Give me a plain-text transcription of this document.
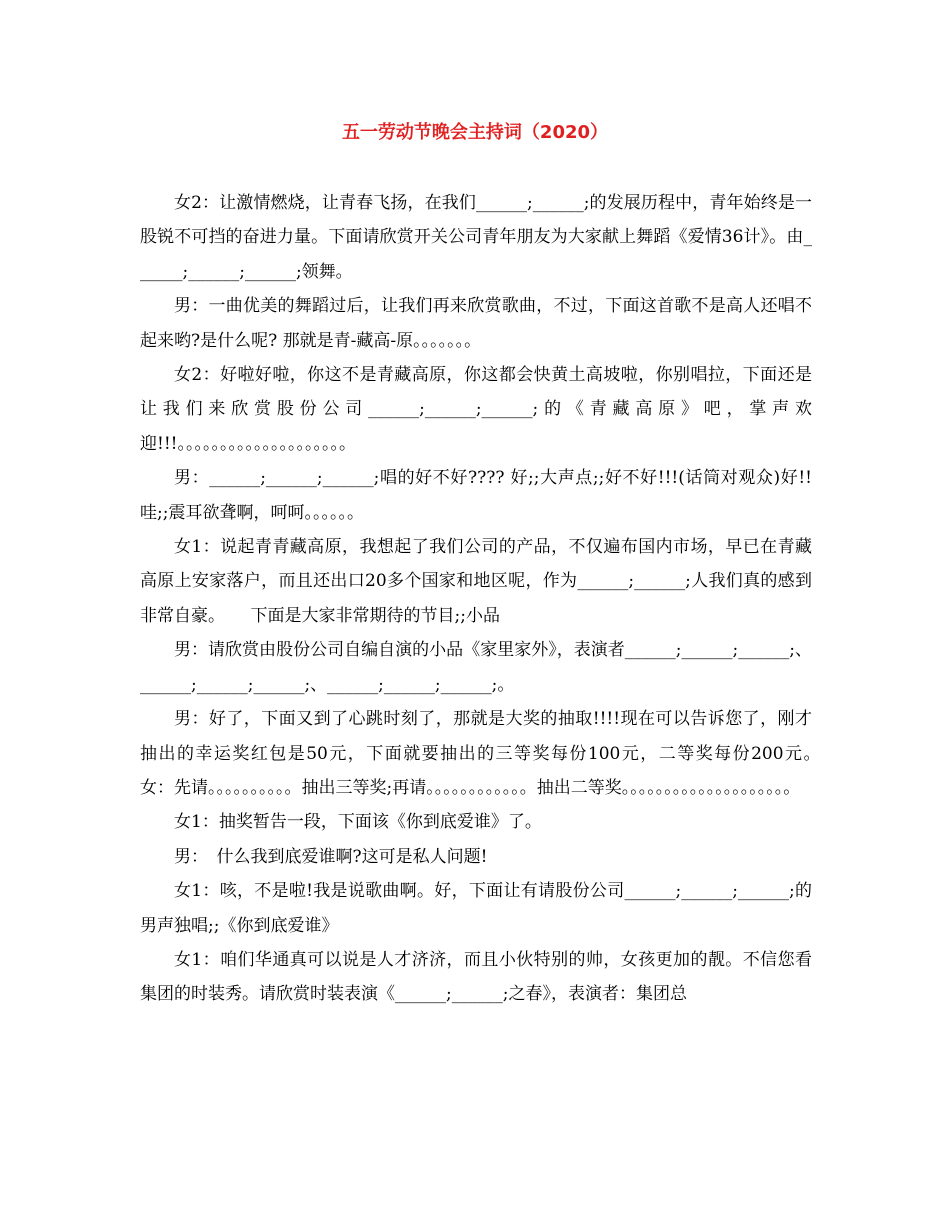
五一劳动节晚会主持词（2020）

女2：让激情燃烧，让青春飞扬，在我们______;______;的发展历程中，青年始终是一股锐不可挡的奋进力量。下面请欣赏开关公司青年朋友为大家献上舞蹈《爱情36计》。由______;______;______;领舞。

男：一曲优美的舞蹈过后，让我们再来欣赏歌曲，不过，下面这首歌不是高人还唱不起来哟?是什么呢? 那就是青-藏高-原。。。。。。。

女2：好啦好啦，你这不是青藏高原，你这都会快黄土高坡啦，你别唱拉，下面还是让我们来欣赏股份公司______;______;______;的《青藏高原》吧，掌声欢迎!!!。。。。。。。。。。。。。。。。。。。。

男：______;______;______;唱的好不好???? 好;;大声点;;好不好!!!(话筒对观众)好!!哇;;震耳欲聋啊，呵呵。。。。。。

女1：说起青青藏高原，我想起了我们公司的产品，不仅遍布国内市场，早已在青藏高原上安家落户，而且还出口20多个国家和地区呢，作为______;______;人我们真的感到非常自豪。　　下面是大家非常期待的节目;;小品

男：请欣赏由股份公司自编自演的小品《家里家外》，表演者______;______;______;、______;______;______;、______;______;______;。

男：好了，下面又到了心跳时刻了，那就是大奖的抽取!!!!现在可以告诉您了，刚才抽出的幸运奖红包是50元，下面就要抽出的三等奖每份100元，二等奖每份200元。　女：先请。。。。。。。。。。抽出三等奖;再请。。。。。。。。。。。。抽出二等奖。。。。。。。。。。。。。。。。。。。。

女1：抽奖暂告一段，下面该《你到底爱谁》了。

男：　什么我到底爱谁啊?这可是私人问题!

女1：咳，不是啦!我是说歌曲啊。好，下面让有请股份公司______;______;______;的男声独唱;;《你到底爱谁》

女1：咱们华通真可以说是人才济济，而且小伙特别的帅，女孩更加的靓。不信您看集团的时装秀。请欣赏时装表演《______;______;之春》，表演者：集团总
